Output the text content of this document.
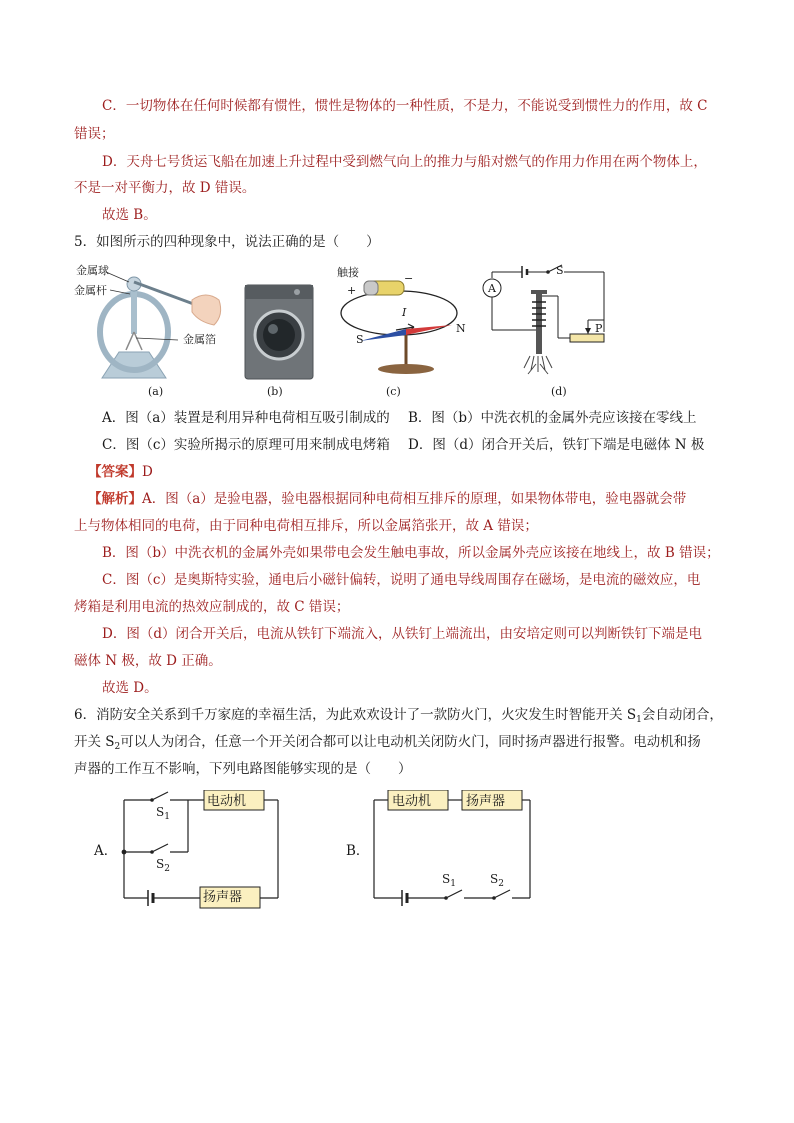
C．一切物体在任何时候都有惯性，惯性是物体的一种性质，不是力，不能说受到惯性力的作用，故 C
错误；
D．天舟七号货运飞船在加速上升过程中受到燃气向上的推力与船对燃气的作用力作用在两个物体上，
不是一对平衡力，故 D 错误。
故选 B。
5．如图所示的四种现象中，说法正确的是（　　）
金属球
金属杆
金属箔
(a)	(b)
触接
+
−
I
S
N
(c)
A
S
P
(d)
A．图（a）装置是利用异种电荷相互吸引制成的 B．图（b）中洗衣机的金属外壳应该接在零线上
C．图（c）实验所揭示的原理可用来制成电烤箱 D．图（d）闭合开关后，铁钉下端是电磁体 N 极
【答案】D
【解析】A．图（a）是验电器，验电器根据同种电荷相互排斥的原理，如果物体带电，验电器就会带
上与物体相同的电荷，由于同种电荷相互排斥，所以金属箔张开，故 A 错误；
B．图（b）中洗衣机的金属外壳如果带电会发生触电事故，所以金属外壳应该接在地线上，故 B 错误；
C．图（c）是奥斯特实验，通电后小磁针偏转，说明了通电导线周围存在磁场，是电流的磁效应，电
烤箱是利用电流的热效应制成的，故 C 错误；
D．图（d）闭合开关后，电流从铁钉下端流入，从铁钉上端流出，由安培定则可以判断铁钉下端是电
磁体 N 极，故 D 正确。
故选 D。
6．消防安全关系到千万家庭的幸福生活，为此欢欢设计了一款防火门，火灾发生时智能开关 $S_1$会自动闭合，
开关 $S_2$可以人为闭合，任意一个开关闭合都可以让电动机关闭防火门，同时扬声器进行报警。电动机和扬
声器的工作互不影响，下列电路图能够实现的是（　　）
A．
电动机
扬声器
$S_1$
$S_2$
B．
电动机	扬声器
$S_1$	$S_2$
